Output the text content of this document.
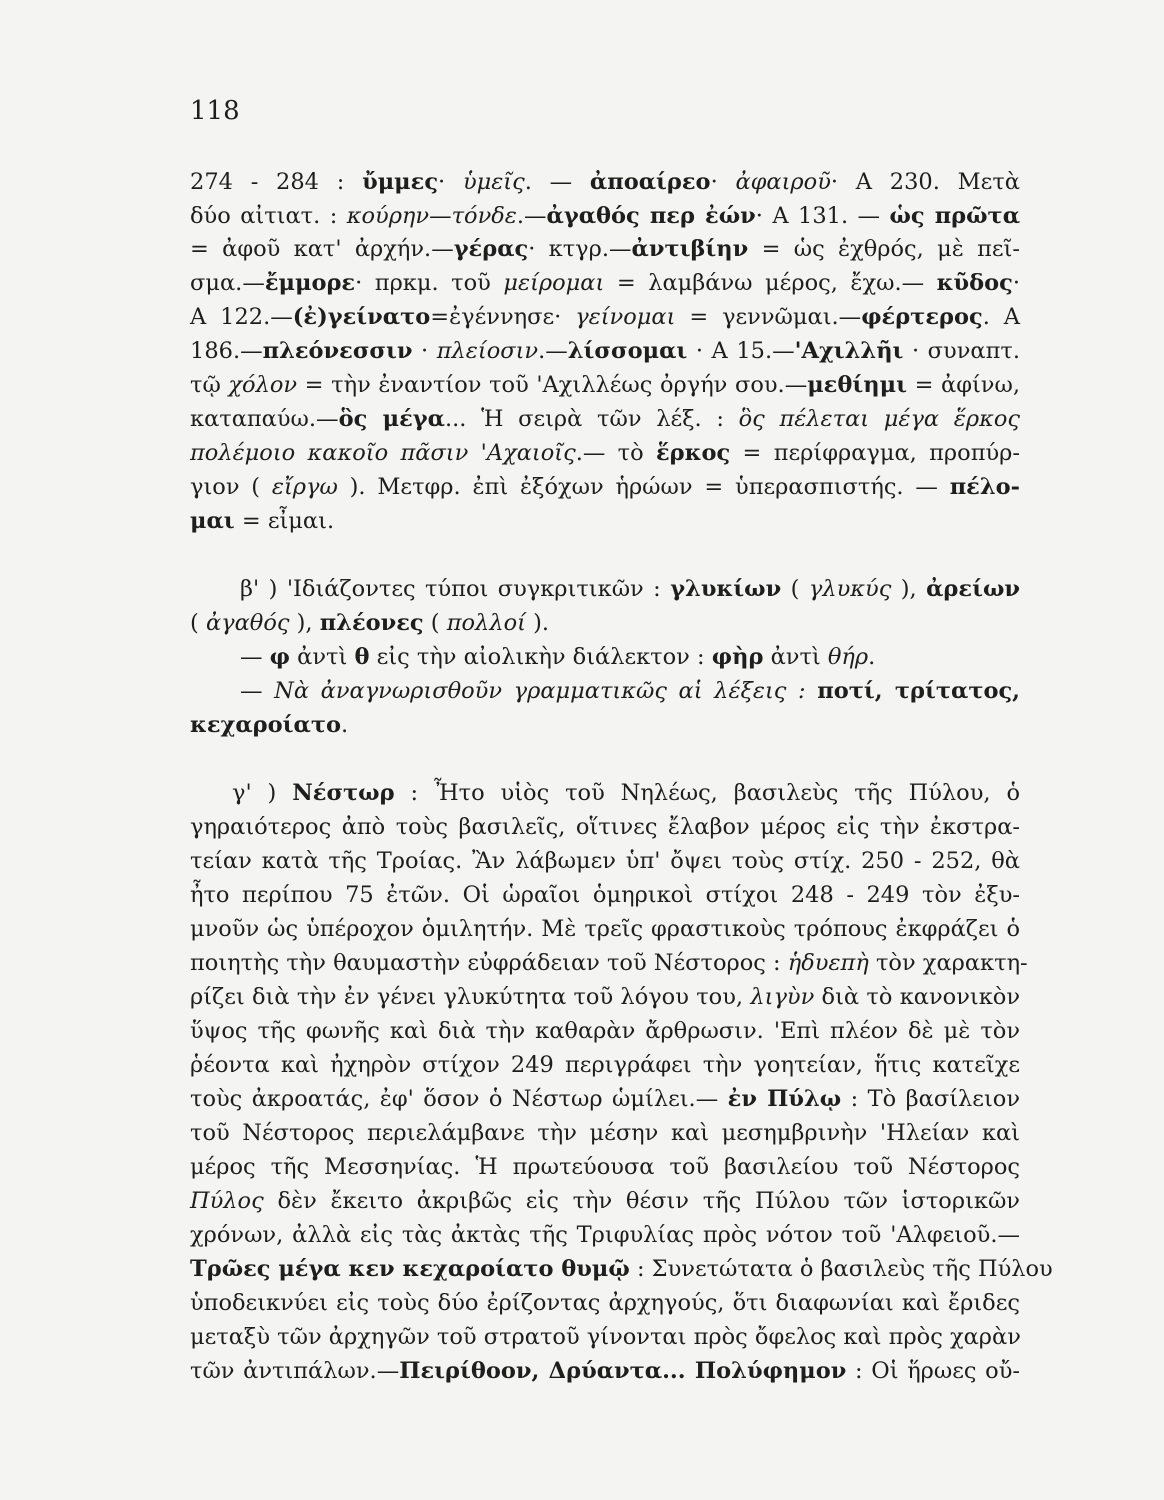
118
274 - 284 : ὔμμες· ὑμεῖς. — ἀποαίρεο· ἀφαιροῦ· Α 230. Μετὰ
δύο αἰτιατ. : κούρην—τόνδε.—ἀγαθός περ ἐών· Α 131. — ὡς πρῶτα
= ἀφοῦ κατ' ἀρχήν.—γέρας· κτγρ.—ἀντιβίην = ὡς ἐχθρός, μὲ πεῖ-
σμα.—ἔμμορε· πρκμ. τοῦ μείρομαι = λαμβάνω μέρος, ἔχω.— κῦδος·
Α 122.—(ἐ)γείνατο=ἐγέννησε· γείνομαι = γεννῶμαι.—φέρτερος. Α
186.—πλεόνεσσιν · πλείοσιν.—λίσσομαι · Α 15.—'Αχιλλῆι · συναπτ.
τῷ χόλον = τὴν ἐναντίον τοῦ 'Αχιλλέως ὀργήν σου.—μεθίημι = ἀφίνω,
καταπαύω.—ὃς μέγα... Ἡ σειρὰ τῶν λέξ. : ὃς πέλεται μέγα ἕρκος
πολέμοιο κακοῖο πᾶσιν 'Αχαιοῖς.— τὸ ἕρκος = περίφραγμα, προπύρ-
γιον ( εἴργω ). Μετφρ. ἐπὶ ἐξόχων ἡρώων = ὑπερασπιστής. — πέλο-
μαι = εἶμαι.
β' ) 'Ιδιάζοντες τύποι συγκριτικῶν : γλυκίων ( γλυκύς ), ἀρείων
( ἀγαθός ), πλέονες ( πολλοί ).
— φ ἀντὶ θ εἰς τὴν αἰολικὴν διάλεκτον : φὴρ ἀντὶ θήρ.
— Νὰ ἀναγνωρισθοῦν γραμματικῶς αἱ λέξεις : ποτί, τρίτατος,
κεχαροίατο.
γ' ) Νέστωρ : Ἦτο υἱὸς τοῦ Νηλέως, βασιλεὺς τῆς Πύλου, ὁ
γηραιότερος ἀπὸ τοὺς βασιλεῖς, οἵτινες ἔλαβον μέρος εἰς τὴν ἐκστρα-
τείαν κατὰ τῆς Τροίας. Ἂν λάβωμεν ὑπ' ὄψει τοὺς στίχ. 250 - 252, θὰ
ἦτο περίπου 75 ἐτῶν. Οἱ ὡραῖοι ὁμηρικοὶ στίχοι 248 - 249 τὸν ἐξυ-
μνοῦν ὡς ὑπέροχον ὁμιλητήν. Μὲ τρεῖς φραστικοὺς τρόπους ἐκφράζει ὁ
ποιητὴς τὴν θαυμαστὴν εὐφράδειαν τοῦ Νέστορος : ἡδυεπὴ τὸν χαρακτη-
ρίζει διὰ τὴν ἐν γένει γλυκύτητα τοῦ λόγου του, λιγὺν διὰ τὸ κανονικὸν
ὕψος τῆς φωνῆς καὶ διὰ τὴν καθαρὰν ἄρθρωσιν. 'Επὶ πλέον δὲ μὲ τὸν
ῥέοντα καὶ ἠχηρὸν στίχον 249 περιγράφει τὴν γοητείαν, ἥτις κατεῖχε
τοὺς ἀκροατάς, ἐφ' ὅσον ὁ Νέστωρ ὡμίλει.— ἐν Πύλῳ : Τὸ βασίλειον
τοῦ Νέστορος περιελάμβανε τὴν μέσην καὶ μεσημβρινὴν 'Ηλείαν καὶ
μέρος τῆς Μεσσηνίας. Ἡ πρωτεύουσα τοῦ βασιλείου τοῦ Νέστορος
Πύλος δὲν ἔκειτο ἀκριβῶς εἰς τὴν θέσιν τῆς Πύλου τῶν ἱστορικῶν
χρόνων, ἀλλὰ εἰς τὰς ἀκτὰς τῆς Τριφυλίας πρὸς νότον τοῦ 'Αλφειοῦ.—
Τρῶες μέγα κεν κεχαροίατο θυμῷ : Συνετώτατα ὁ βασιλεὺς τῆς Πύλου
ὑποδεικνύει εἰς τοὺς δύο ἐρίζοντας ἀρχηγούς, ὅτι διαφωνίαι καὶ ἔριδες
μεταξὺ τῶν ἀρχηγῶν τοῦ στρατοῦ γίνονται πρὸς ὄφελος καὶ πρὸς χαρὰν
τῶν ἀντιπάλων.—Πειρίθοον, Δρύαντα... Πολύφημον : Οἱ ἥρωες οὔ-
